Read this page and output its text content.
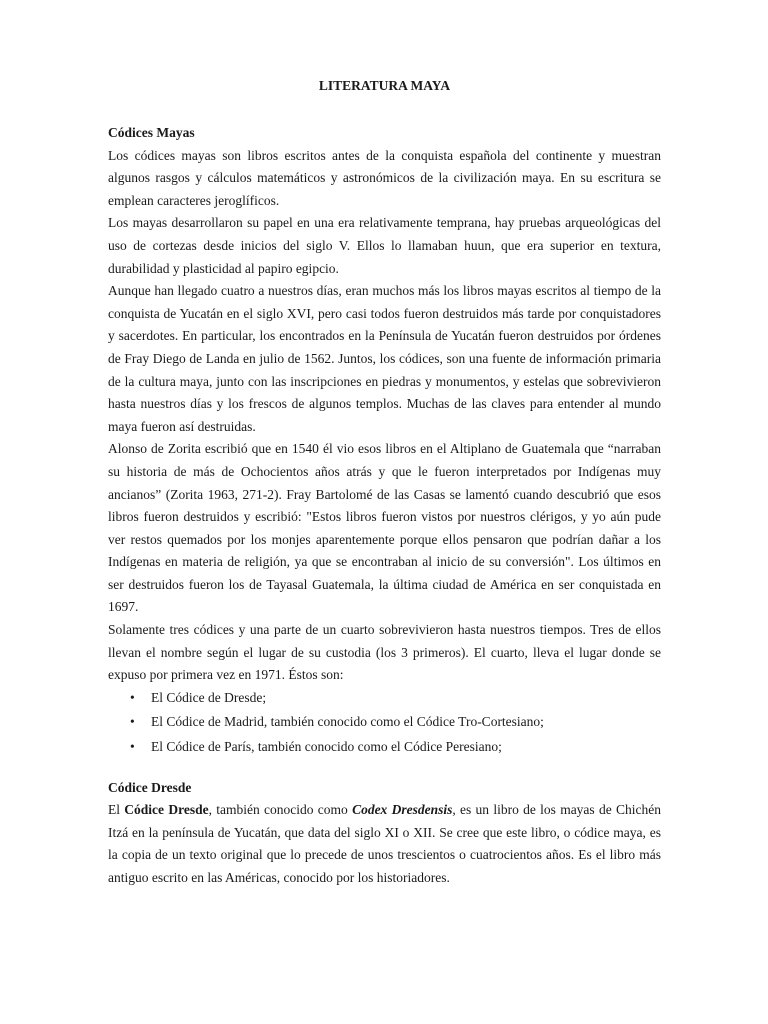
LITERATURA MAYA
Códices Mayas

Los códices mayas son libros escritos antes de la conquista española del continente y muestran algunos rasgos y cálculos matemáticos y astronómicos de la civilización maya. En su escritura se emplean caracteres jeroglíficos.

Los mayas desarrollaron su papel en una era relativamente temprana, hay pruebas arqueológicas del uso de cortezas desde inicios del siglo V. Ellos lo llamaban huun, que era superior en textura, durabilidad y plasticidad al papiro egipcio.

Aunque han llegado cuatro a nuestros días, eran muchos más los libros mayas escritos al tiempo de la conquista de Yucatán en el siglo XVI, pero casi todos fueron destruidos más tarde por conquistadores y sacerdotes. En particular, los encontrados en la Península de Yucatán fueron destruidos por órdenes de Fray Diego de Landa en julio de 1562. Juntos, los códices, son una fuente de información primaria de la cultura maya, junto con las inscripciones en piedras y monumentos, y estelas que sobrevivieron hasta nuestros días y los frescos de algunos templos. Muchas de las claves para entender al mundo maya fueron así destruidas.

Alonso de Zorita escribió que en 1540 él vio esos libros en el Altiplano de Guatemala que “narraban su historia de más de Ochocientos años atrás y que le fueron interpretados por Indígenas muy ancianos” (Zorita 1963, 271-2). Fray Bartolomé de las Casas se lamentó cuando descubrió que esos libros fueron destruidos y escribió: "Estos libros fueron vistos por nuestros clérigos, y yo aún pude ver restos quemados por los monjes aparentemente porque ellos pensaron que podrían dañar a los Indígenas en materia de religión, ya que se encontraban al inicio de su conversión". Los últimos en ser destruidos fueron los de Tayasal Guatemala, la última ciudad de América en ser conquistada en 1697.

Solamente tres códices y una parte de un cuarto sobrevivieron hasta nuestros tiempos. Tres de ellos llevan el nombre según el lugar de su custodia (los 3 primeros). El cuarto, lleva el lugar donde se expuso por primera vez en 1971. Éstos son:

• El Códice de Dresde;
• El Códice de Madrid, también conocido como el Códice Tro-Cortesiano;
• El Códice de París, también conocido como el Códice Peresiano;
Códice Dresde

El Códice Dresde, también conocido como Codex Dresdensis, es un libro de los mayas de Chichén Itzá en la península de Yucatán, que data del siglo XI o XII. Se cree que este libro, o códice maya, es la copia de un texto original que lo precede de unos trescientos o cuatrocientos años. Es el libro más antiguo escrito en las Américas, conocido por los historiadores.
